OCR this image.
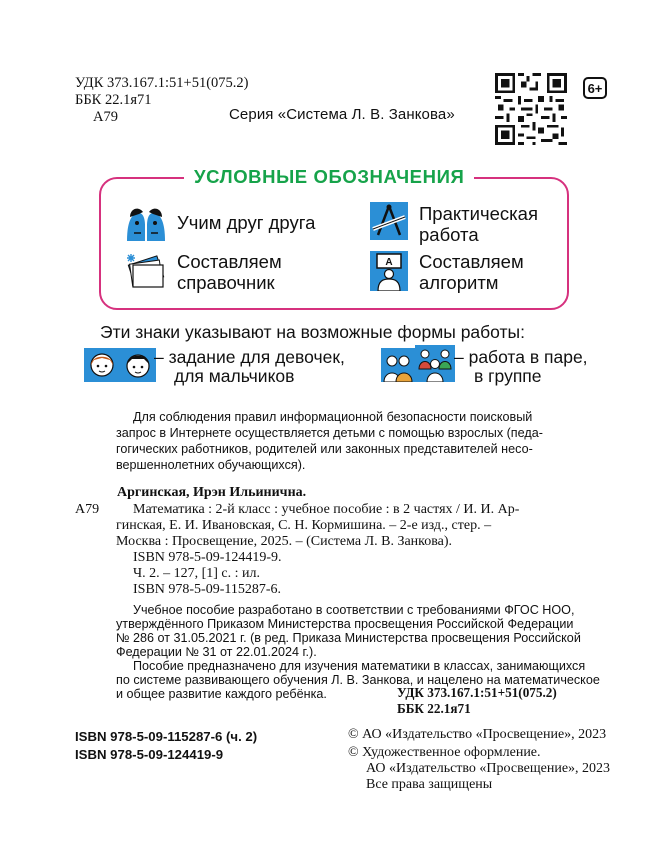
УДК 373.167.1:51+51(075.2)
ББК 22.1я71
А79	Серия «Система Л. В. Занкова»
6+
УСЛОВНЫЕ ОБОЗНАЧЕНИЯ
Учим друг друга	Практическая
работа
Составляем
справочник
A Составляем
алгоритм
Эти знаки указывают на возможные формы работы:
– задание для девочек,
для мальчиков
– работа в паре,
в группе
Для соблюдения правил информационной безопасности поисковый
запрос в Интернете осуществляется детьми с помощью взрослых (педа-
гогических работников, родителей или законных представителей несо-
вершеннолетних обучающихся).
Аргинская, Ирэн Ильинична.
А79 Математика : 2-й класс : учебное пособие : в 2 частях / И. И. Ар-
гинская, Е. И. Ивановская, С. Н. Кормишина. – 2-е изд., стер. –
Москва : Просвещение, 2025. – (Система Л. В. Занкова).
ISBN 978-5-09-124419-9.
Ч. 2. – 127, [1] с. : ил.
ISBN 978-5-09-115287-6.
Учебное пособие разработано в соответствии с требованиями ФГОС НОО,
утверждённого Приказом Министерства просвещения Российской Федерации
№ 286 от 31.05.2021 г. (в ред. Приказа Министерства просвещения Российской
Федерации № 31 от 22.01.2024 г.).
Пособие предназначено для изучения математики в классах, занимающихся
по системе развивающего обучения Л. В. Занкова, и нацелено на математическое
и общее развитие каждого ребёнка.	УДК 373.167.1:51+51(075.2)
ББК 22.1я71
ISBN 978-5-09-115287-6 (ч. 2)
ISBN 978-5-09-124419-9
© АО «Издательство «Просвещение», 2023
© Художественное оформление.
АО «Издательство «Просвещение», 2023
Все права защищены
